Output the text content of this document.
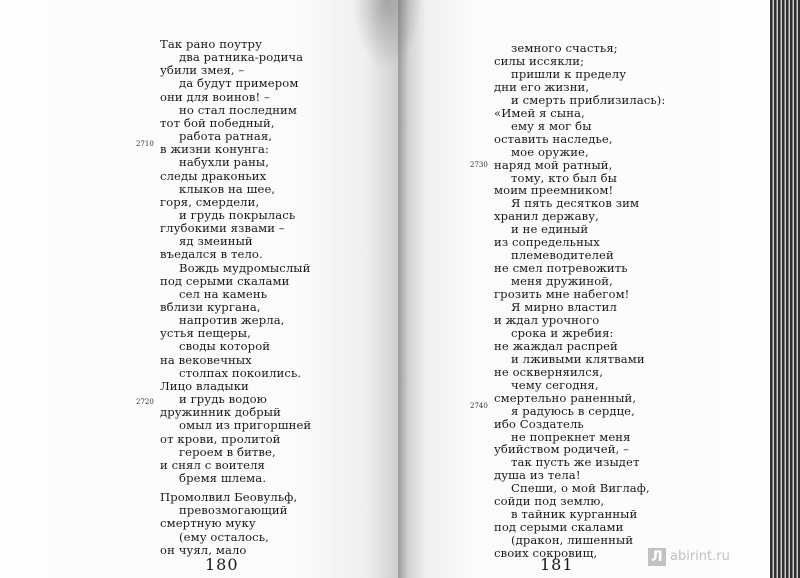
Так рано поутру
два ратника-родича
убили змея, –
да будут примером
они для воинов! –
но стал последним
тот бой победный,
работа ратная,
2710 в жизни конунга:
набухли раны,
следы драконьих
клыков на шее,
горя, смердели,
и грудь покрылась
глубокими язвами –
яд змеиный
въедался в тело.
Вождь мудромыслый
под серыми скалами
сел на камень
вблизи кургана,
напротив жерла,
устья пещеры,
своды которой
на вековечных
столпах покоились.
Лицо владыки
и грудь водою
2720
дружинник добрый
омыл из пригоршней
от крови, пролитой
героем в битве,
и снял с воителя
бремя шлема.
Промолвил Беовульф,
превозмогающий
смертную муку
(ему осталось,
он чуял, мало
земного счастья;
силы иссякли;
пришли к пределу
дни его жизни,
и смерть приблизилась):
«Имей я сына,
ему я мог бы
оставить наследье,
2730
мое оружие,
наряд мой ратный,
тому, кто был бы
моим преемником!
Я пять десятков зим
хранил державу,
и не единый
из сопредельных
племеводителей
не смел потревожить
меня дружиной,
грозить мне набегом!
Я мирно властил
и ждал урочного
срока и жребия:
не жаждал распрей
и лживыми клятвами
не оскверняился,
чему сегодня,
смертельно раненный,
я радуюсь в сердце,
2740
ибо Создатель
не попрекнет меня
убийством родичей, –
так пусть же изыдет
душа из тела!
Спеши, о мой Виглаф,
сойди под землю,
в тайник курганный
под серыми скалами
(дракон, лишенный
своих сокровищ,	Л abirint.ru
180	181
